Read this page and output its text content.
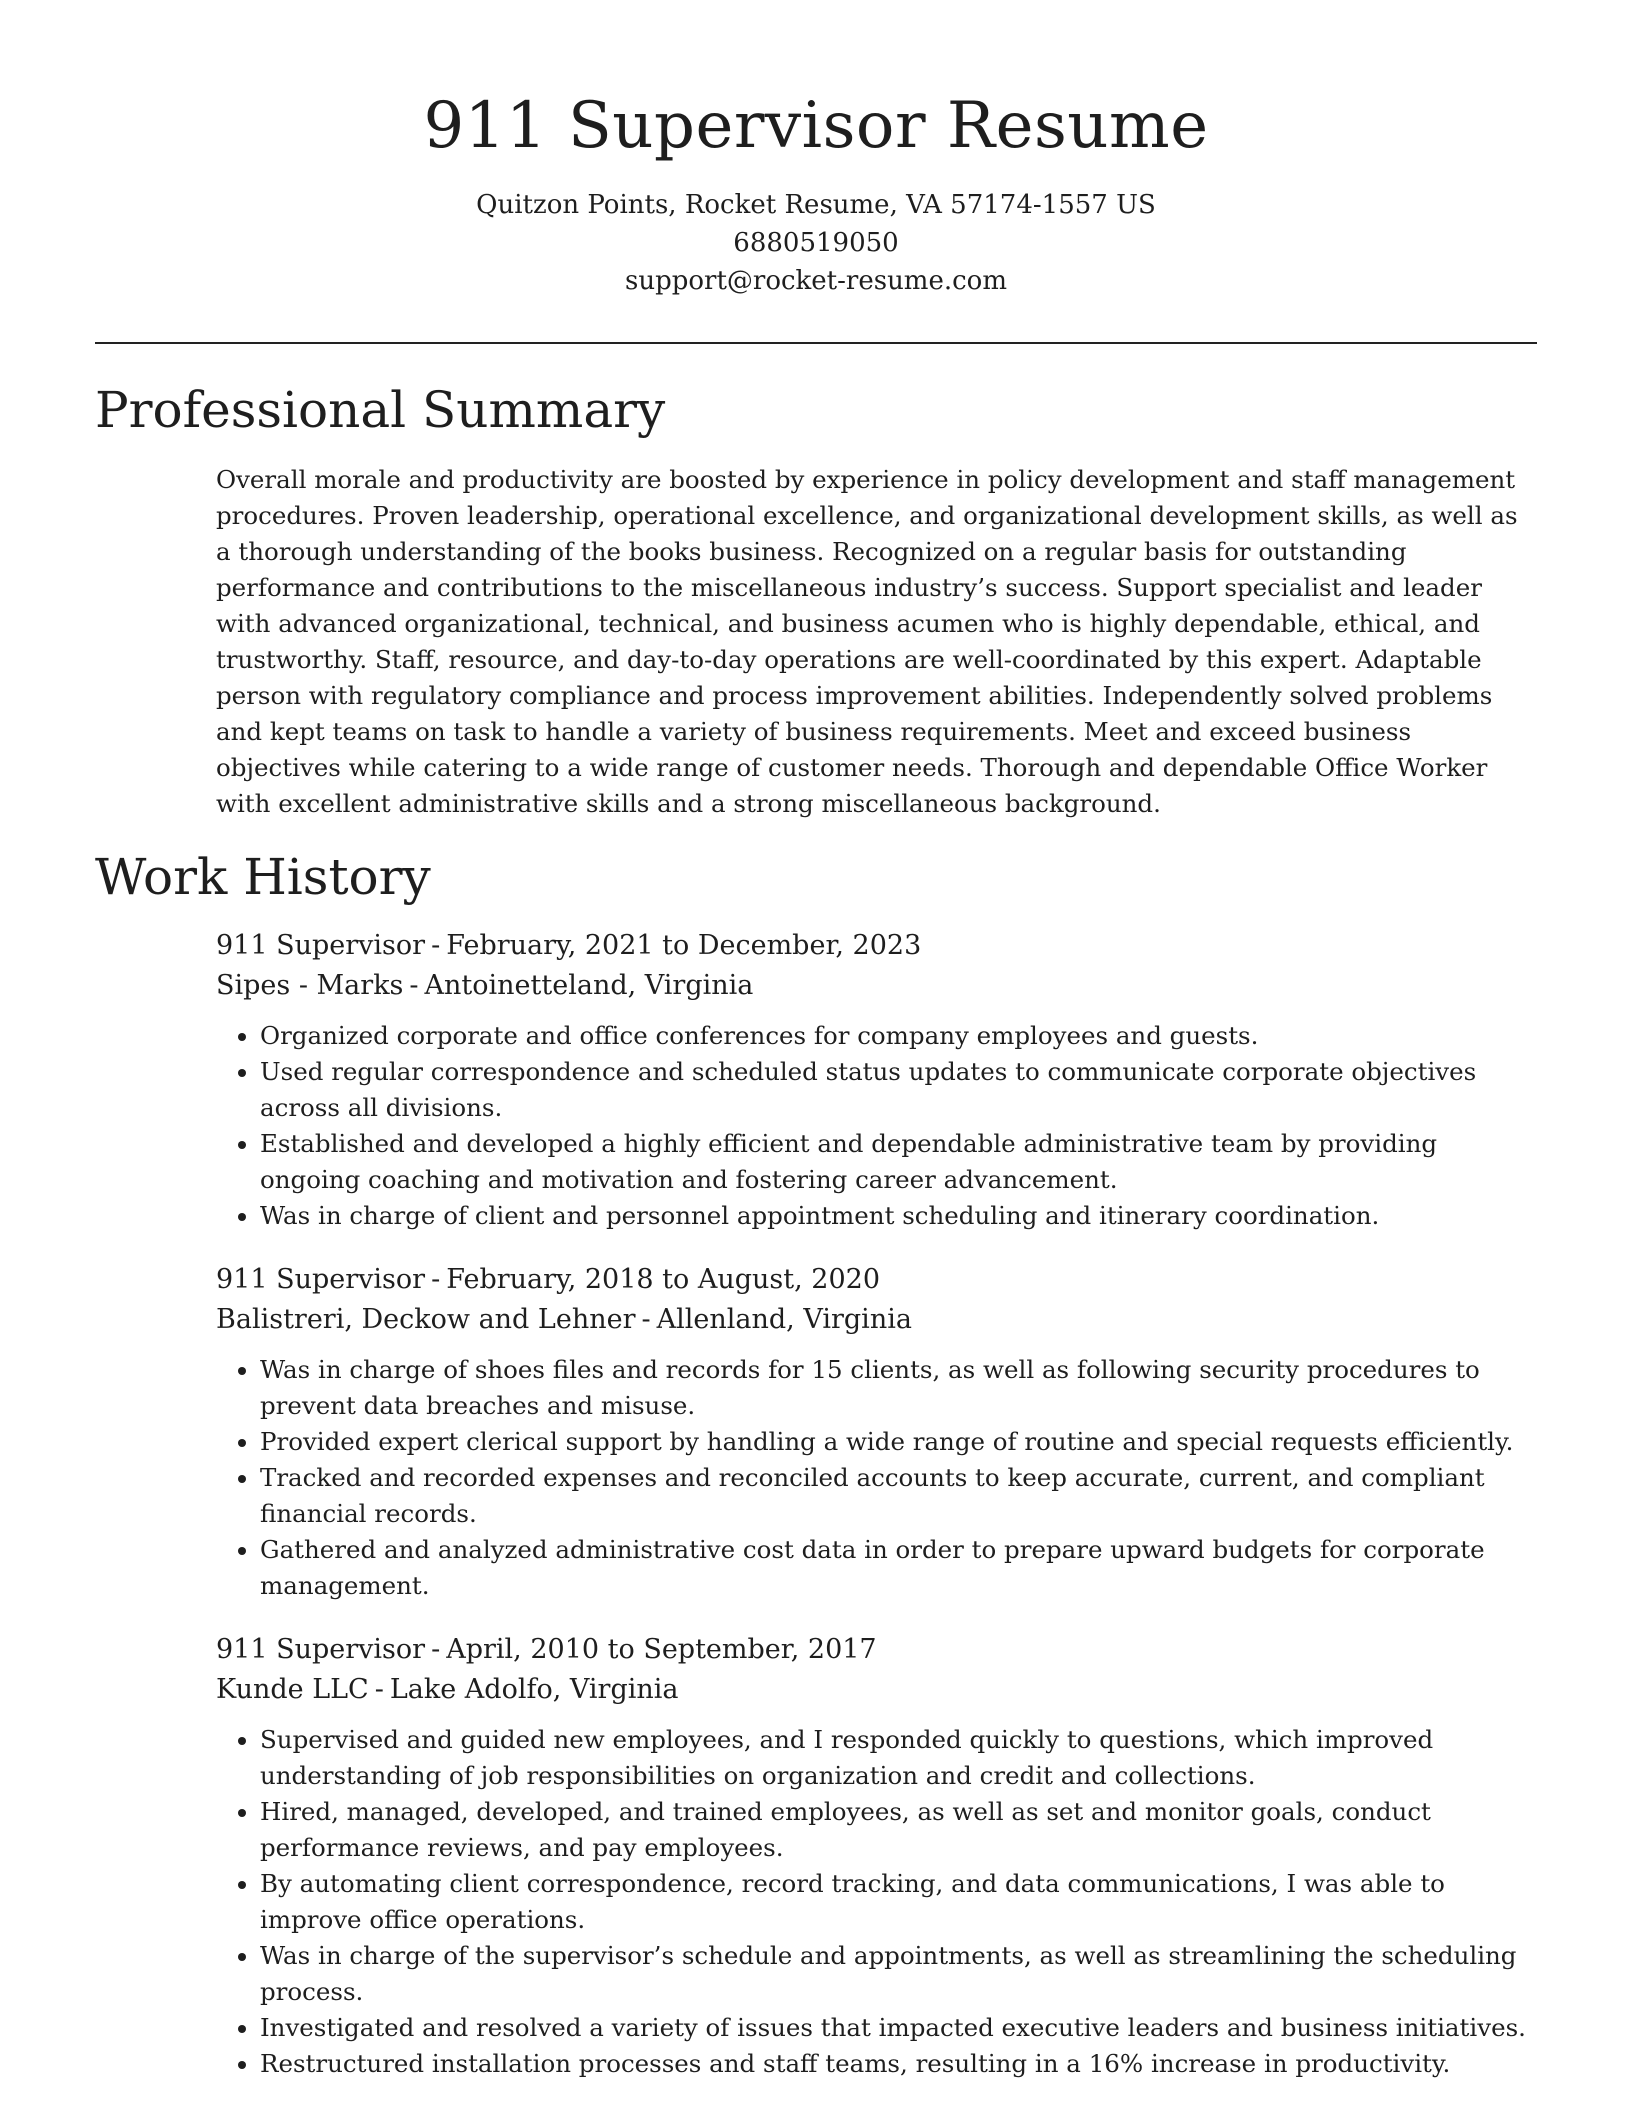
911 Supervisor Resume
Quitzon Points, Rocket Resume, VA 57174-1557 US
6880519050
support@rocket-resume.com
Professional Summary

Overall morale and productivity are boosted by experience in policy development and staff management procedures. Proven leadership, operational excellence, and organizational development skills, as well as a thorough understanding of the books business. Recognized on a regular basis for outstanding performance and contributions to the miscellaneous industry’s success. Support specialist and leader with advanced organizational, technical, and business acumen who is highly dependable, ethical, and trustworthy. Staff, resource, and day-to-day operations are well-coordinated by this expert. Adaptable person with regulatory compliance and process improvement abilities. Independently solved problems and kept teams on task to handle a variety of business requirements. Meet and exceed business objectives while catering to a wide range of customer needs. Thorough and dependable Office Worker with excellent administrative skills and a strong miscellaneous background.

Work History
911 Supervisor - February, 2021 to December, 2023
Sipes - Marks - Antoinetteland, Virginia
• Organized corporate and office conferences for company employees and guests.
• Used regular correspondence and scheduled status updates to communicate corporate objectives across all divisions.
• Established and developed a highly efficient and dependable administrative team by providing ongoing coaching and motivation and fostering career advancement.
• Was in charge of client and personnel appointment scheduling and itinerary coordination.
911 Supervisor - February, 2018 to August, 2020
Balistreri, Deckow and Lehner - Allenland, Virginia
• Was in charge of shoes files and records for 15 clients, as well as following security procedures to prevent data breaches and misuse.
• Provided expert clerical support by handling a wide range of routine and special requests efficiently.
• Tracked and recorded expenses and reconciled accounts to keep accurate, current, and compliant financial records.
• Gathered and analyzed administrative cost data in order to prepare upward budgets for corporate management.
911 Supervisor - April, 2010 to September, 2017
Kunde LLC - Lake Adolfo, Virginia
• Supervised and guided new employees, and I responded quickly to questions, which improved understanding of job responsibilities on organization and credit and collections.
• Hired, managed, developed, and trained employees, as well as set and monitor goals, conduct performance reviews, and pay employees.
• By automating client correspondence, record tracking, and data communications, I was able to improve office operations.
• Was in charge of the supervisor’s schedule and appointments, as well as streamlining the scheduling process.
• Investigated and resolved a variety of issues that impacted executive leaders and business initiatives.
• Restructured installation processes and staff teams, resulting in a 16% increase in productivity.
